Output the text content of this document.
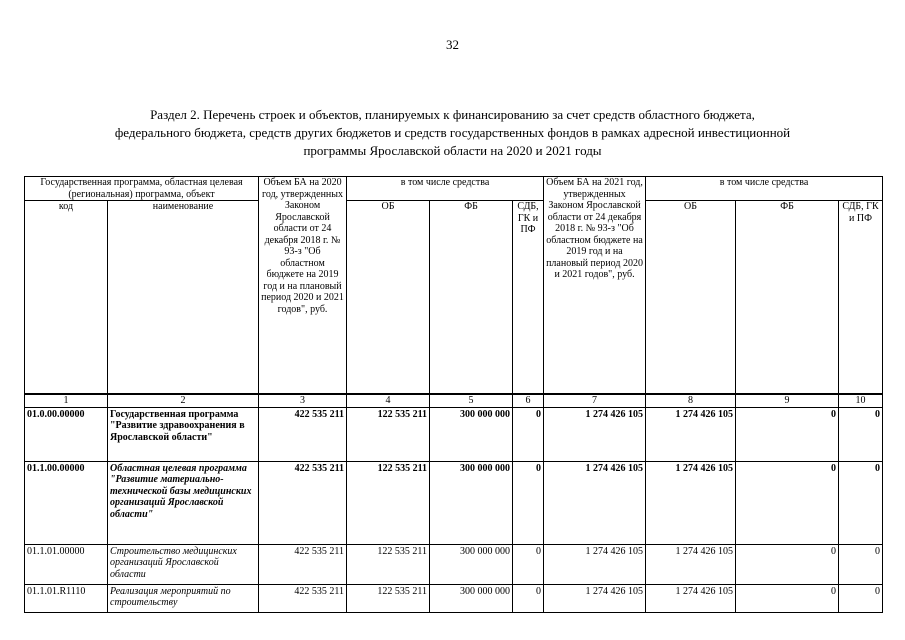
32
Раздел 2. Перечень строек и объектов, планируемых к финансированию за счет средств областного бюджета,
федерального бюджета, средств других бюджетов и средств государственных фондов в рамках адресной инвестиционной
программы Ярославской области на 2020 и 2021 годы
Государственная программа, областная целевая (региональная) программа, объект		Объем БА на 2020 год, утвержденных Законом Ярославской области от 24 декабря 2018 г. № 93-з "Об областном бюджете на 2019 год и на плановый период 2020 и 2021 годов", руб.	в том числе средства			Объем БА на 2021 год, утвержденных Законом Ярославской области от 24 декабря 2018 г. № 93-з "Об областном бюджете на 2019 год и на плановый период 2020 и 2021 годов", руб.	в том числе средства		
код	наименование		ОБ	ФБ	СДБ, ГК и ПФ		ОБ	ФБ	СДБ, ГК и ПФ
1	2	3	4	5	6	7	8	9	10
01.0.00.00000	Государственная программа "Развитие здравоохранения в Ярославской области"	422 535 211	122 535 211	300 000 000	0	1 274 426 105	1 274 426 105	0	0
01.1.00.00000	Областная целевая программа "Развитие материально-технической базы медицинских организаций Ярославской области"	422 535 211	122 535 211	300 000 000	0	1 274 426 105	1 274 426 105	0	0
01.1.01.00000	Строительство медицинских организаций Ярославской области	422 535 211	122 535 211	300 000 000	0	1 274 426 105	1 274 426 105	0	0
01.1.01.R1110	Реализация мероприятий по строительству	422 535 211	122 535 211	300 000 000	0	1 274 426 105	1 274 426 105	0	0
